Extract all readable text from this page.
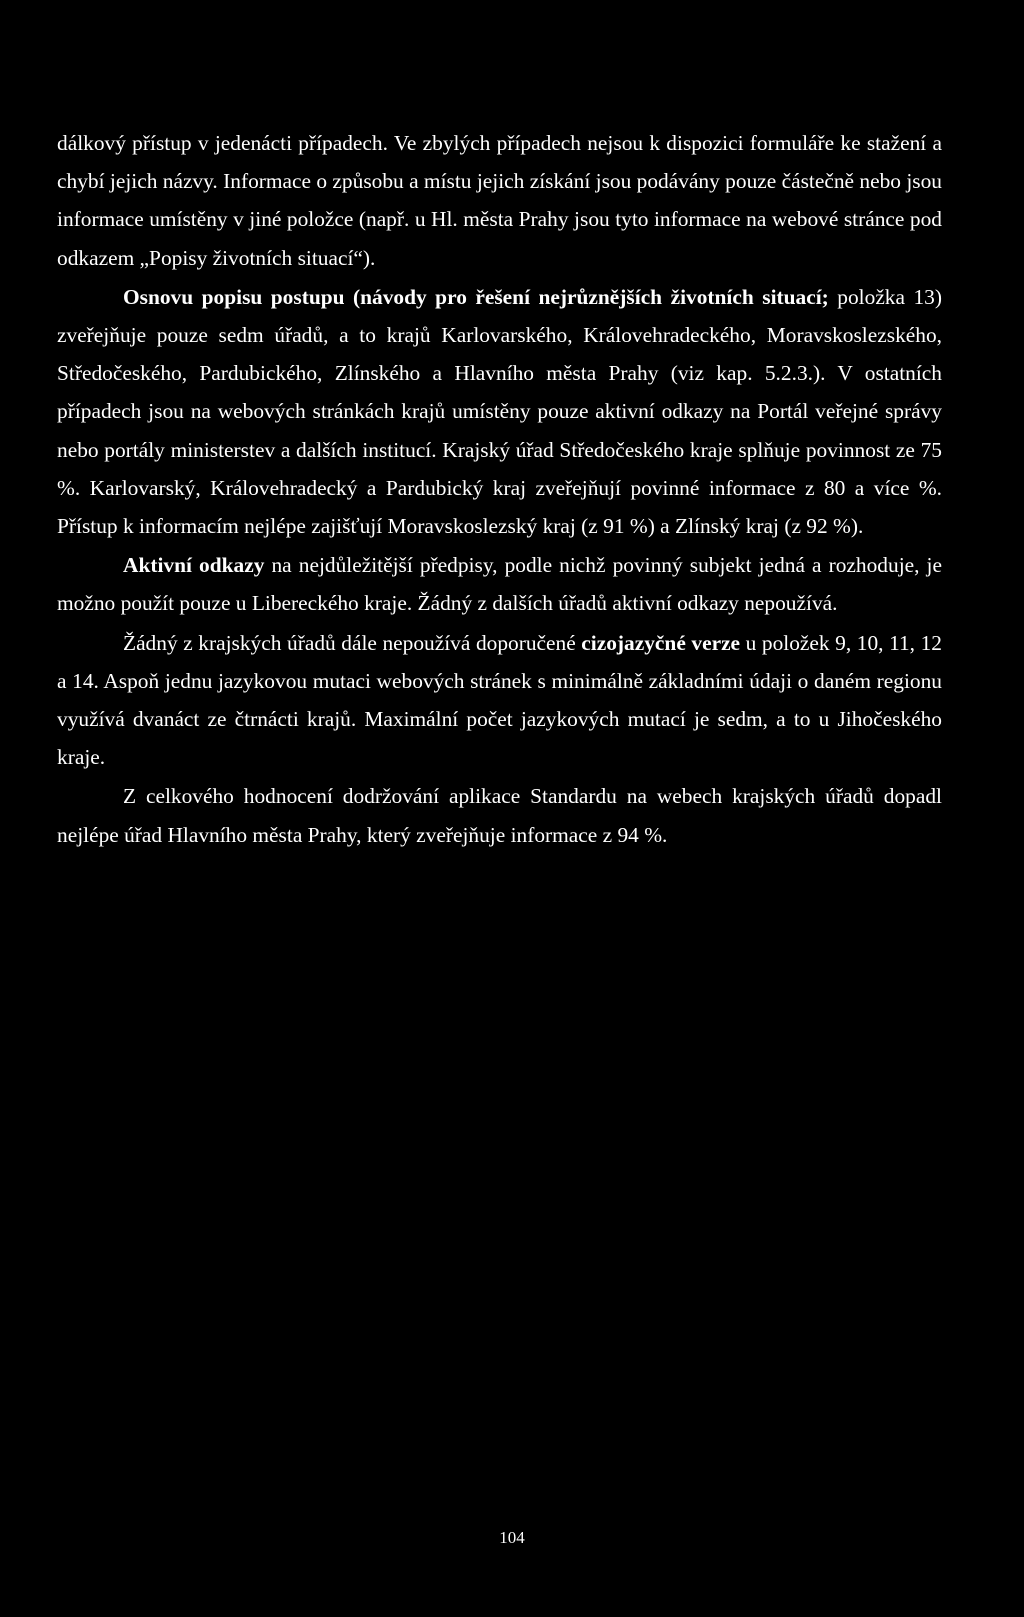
dálkový přístup v jedenácti případech. Ve zbylých případech nejsou k dispozici formuláře ke stažení a chybí jejich názvy. Informace o způsobu a místu jejich získání jsou podávány pouze částečně nebo jsou informace umístěny v jiné položce (např. u Hl. města Prahy jsou tyto informace na webové stránce pod odkazem „Popisy životních situací“).

Osnovu popisu postupu (návody pro řešení nejrůznějších životních situací; položka 13) zveřejňuje pouze sedm úřadů, a to krajů Karlovarského, Královehradeckého, Moravskoslezského, Středočeského, Pardubického, Zlínského a Hlavního města Prahy (viz kap. 5.2.3.). V ostatních případech jsou na webových stránkách krajů umístěny pouze aktivní odkazy na Portál veřejné správy nebo portály ministerstev a dalších institucí. Krajský úřad Středočeského kraje splňuje povinnost ze 75 %. Karlovarský, Královehradecký a Pardubický kraj zveřejňují povinné informace z 80 a více %. Přístup k informacím nejlépe zajišťují Moravskoslezský kraj (z 91 %) a Zlínský kraj (z 92 %).

Aktivní odkazy na nejdůležitější předpisy, podle nichž povinný subjekt jedná a rozhoduje, je možno použít pouze u Libereckého kraje. Žádný z dalších úřadů aktivní odkazy nepoužívá.

Žádný z krajských úřadů dále nepoužívá doporučené cizojazyčné verze u položek 9, 10, 11, 12 a 14. Aspoň jednu jazykovou mutaci webových stránek s minimálně základními údaji o daném regionu využívá dvanáct ze čtrnácti krajů. Maximální počet jazykových mutací je sedm, a to u Jihočeského kraje.

Z celkového hodnocení dodržování aplikace Standardu na webech krajských úřadů dopadl nejlépe úřad Hlavního města Prahy, který zveřejňuje informace z 94 %.

104
